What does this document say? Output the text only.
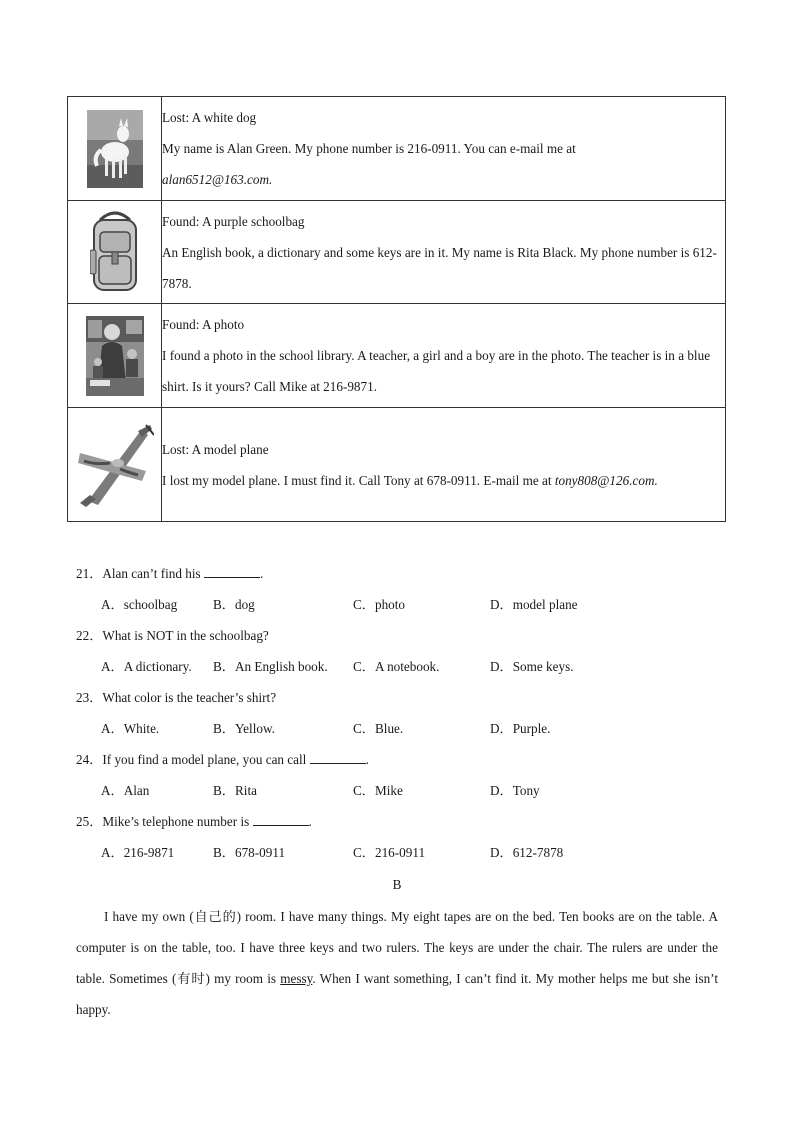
Lost: A white dog
My name is Alan Green. My phone number is 216-0911. You can e-mail me at
alan6512@163.com.

Found: A purple schoolbag
An English book, a dictionary and some keys are in it. My name is Rita Black. My phone number is 612-7878.

Found: A photo
I found a photo in the school library. A teacher, a girl and a boy are in the photo. The teacher is in a blue shirt. Is it yours? Call Mike at 216-9871.

Lost: A model plane
I lost my model plane. I must find it. Call Tony at 678-0911. E-mail me at tony808@126.com.
21．Alan can’t find his	.
A．schoolbag	B．dog	C．photo	D．model plane
22．What is NOT in the schoolbag?
A．A dictionary. B．An English book. C．A notebook.	D．Some keys.
23．What color is the teacher’s shirt?
A．White.	B．Yellow.	C．Blue.	D．Purple.
24．If you find a model plane, you can call	.
A．Alan	B．Rita	C．Mike	D．Tony
25．Mike’s telephone number is	.
A．216-9871	B．678-0911	C．216-0911	D．612-7878
B

I have my own (自己的) room. I have many things. My eight tapes are on the bed. Ten books are on the table. A computer is on the table, too. I have three keys and two rulers. The keys are under the chair. The rulers are under the table. Sometimes (有时) my room is messy. When I want something, I can’t find it. My mother helps me but she isn’t happy.
